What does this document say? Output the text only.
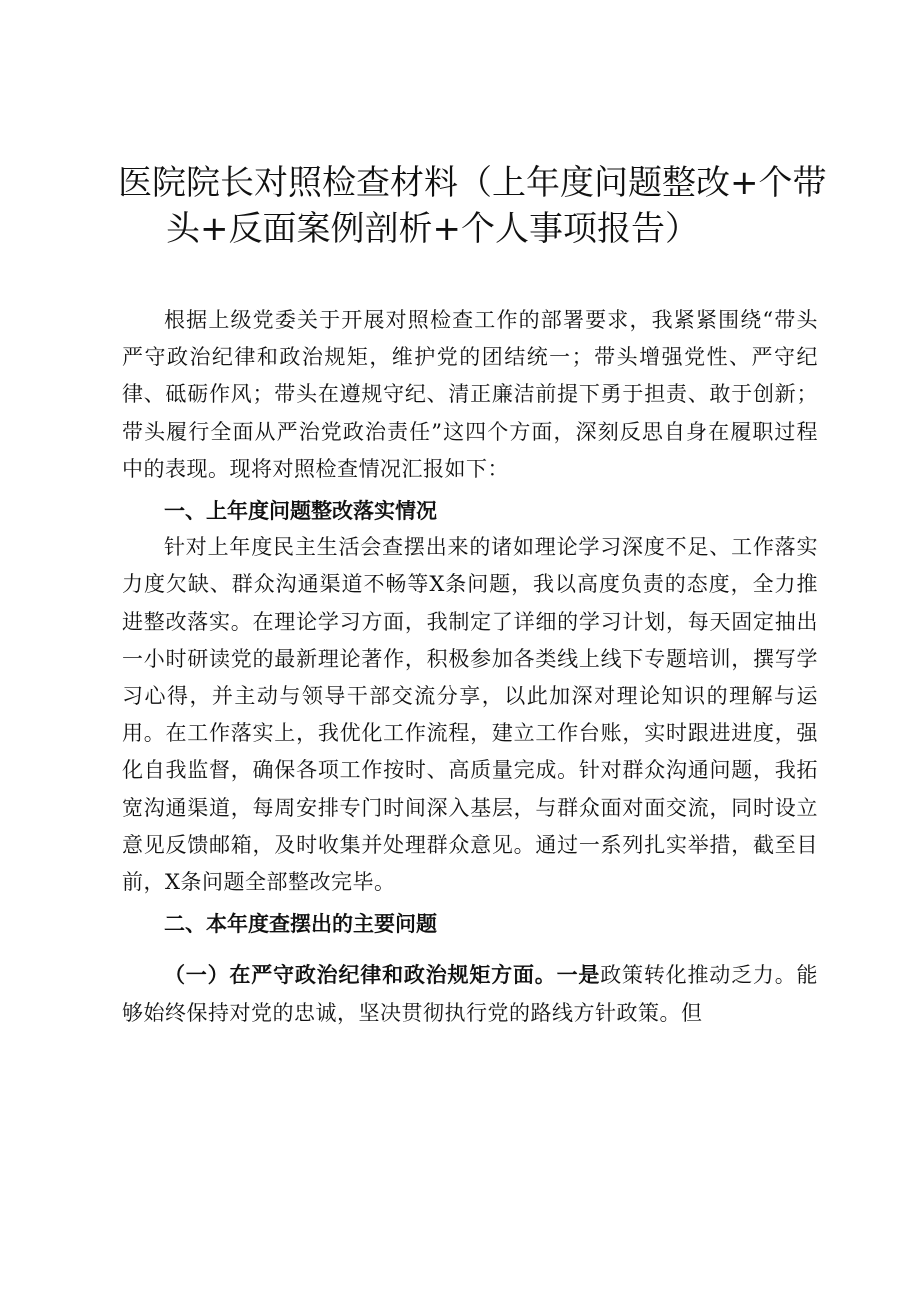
医院院长对照检查材料（上年度问题整改+个带
头+反面案例剖析+个人事项报告）

根据上级党委关于开展对照检查工作的部署要求，我紧紧围绕“带头严守政治纪律和政治规矩，维护党的团结统一；带头增强党性、严守纪律、砥砺作风；带头在遵规守纪、清正廉洁前提下勇于担责、敢于创新；带头履行全面从严治党政治责任”这四个方面，深刻反思自身在履职过程中的表现。现将对照检查情况汇报如下：

一、上年度问题整改落实情况

针对上年度民主生活会查摆出来的诸如理论学习深度不足、工作落实力度欠缺、群众沟通渠道不畅等X条问题，我以高度负责的态度，全力推进整改落实。在理论学习方面，我制定了详细的学习计划，每天固定抽出一小时研读党的最新理论著作，积极参加各类线上线下专题培训，撰写学习心得，并主动与领导干部交流分享，以此加深对理论知识的理解与运用。在工作落实上，我优化工作流程，建立工作台账，实时跟进进度，强化自我监督，确保各项工作按时、高质量完成。针对群众沟通问题，我拓宽沟通渠道，每周安排专门时间深入基层，与群众面对面交流，同时设立意见反馈邮箱，及时收集并处理群众意见。通过一系列扎实举措，截至目前，X条问题全部整改完毕。

二、本年度查摆出的主要问题

（一）在严守政治纪律和政治规矩方面。一是政策转化推动乏力。能够始终保持对党的忠诚，坚决贯彻执行党的路线方针政策。但
